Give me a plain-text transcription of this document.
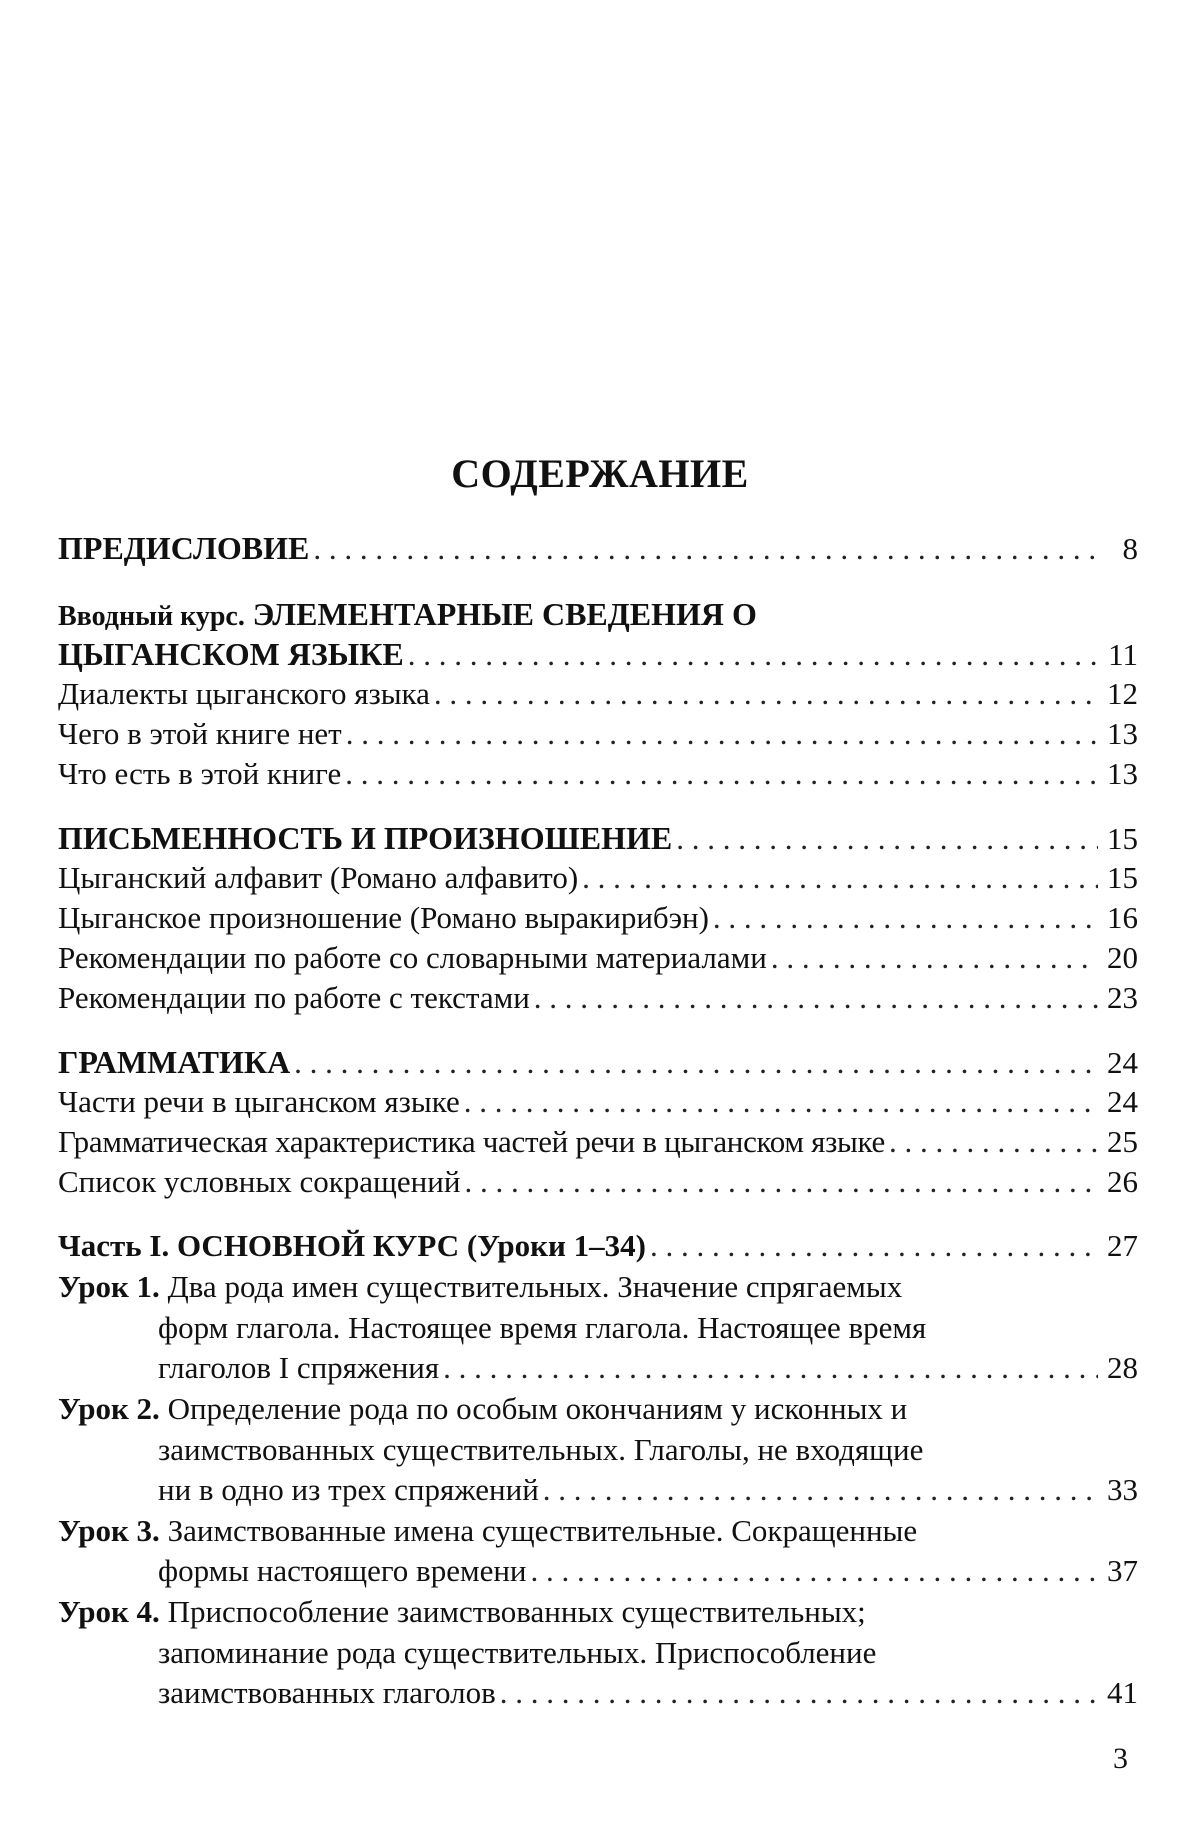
СОДЕРЖАНИЕ
ПРЕДИСЛОВИЕ . . .	8
Вводный курс. ЭЛЕМЕНТАРНЫЕ СВЕДЕНИЯ О
ЦЫГАНСКОМ ЯЗЫКЕ . . .	11
Диалекты цыганского языка . . .	12
Чего в этой книге нет . . .	13
Что есть в этой книге . . .	13
ПИСЬМЕННОСТЬ И ПРОИЗНОШЕНИЕ . . .	15
Цыганский алфавит (Романо алфавито) . . .	15
Цыганское произношение (Романо выракирибэн) . . .	16
Рекомендации по работе со словарными материалами . . .	20
Рекомендации по работе с текстами . . .	23
ГРАММАТИКА . . .	24
Части речи в цыганском языке . . .	24
Грамматическая характеристика частей речи в цыганском языке . . .	25
Список условных сокращений . . .	26
Часть I. ОСНОВНОЙ КУРС (Уроки 1–34) . . .	27
Урок 1. Два рода имен существительных. Значение спрягаемых
форм глагола. Настоящее время глагола. Настоящее время
глаголов I спряжения . . .	28
Урок 2. Определение рода по особым окончаниям у исконных и
заимствованных существительных. Глаголы, не входящие
ни в одно из трех спряжений . . .	33
Урок 3. Заимствованные имена существительные. Сокращенные
формы настоящего времени . . .	37
Урок 4. Приспособление заимствованных существительных;
запоминание рода существительных. Приспособление
заимствованных глаголов . . .	41
3
